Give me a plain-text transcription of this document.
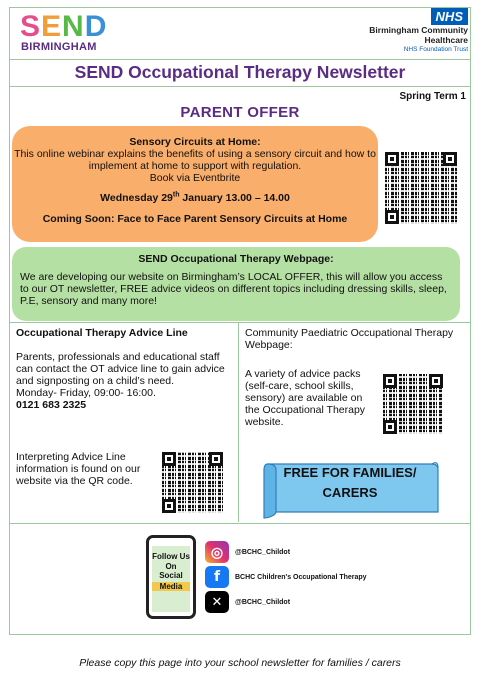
SEND
BIRMINGHAM
NHS
Birmingham Community
Healthcare
NHS Foundation Trust
SEND Occupational Therapy Newsletter
Spring Term 1
PARENT OFFER
Sensory Circuits at Home:
This online webinar explains the benefits of using a sensory circuit and how to implement at home to support with regulation.
Book via Eventbrite
Wednesday 29th January 13.00 – 14.00
Coming Soon: Face to Face Parent Sensory Circuits at Home
SEND Occupational Therapy Webpage:
We are developing our website on Birmingham’s LOCAL OFFER, this will allow you access to our OT newsletter, FREE advice videos on different topics including dressing skills, sleep, P.E, sensory and many more!
Occupational Therapy Advice Line
Parents, professionals and educational staff can contact the OT advice line to gain advice and signposting on a child’s need.
Monday- Friday, 09:00- 16:00.
0121 683 2325
Interpreting Advice Line information is found on our website via the QR code.
Community Paediatric Occupational Therapy Webpage:
A variety of advice packs (self-care, school skills, sensory) are available on the Occupational Therapy website.
FREE FOR FAMILIES/
CARERS
Follow Us
On
Social
Media
◎	@BCHC_Childot
f	BCHC Children's Occupational Therapy
✕	@BCHC_Childot
Please copy this page into your school newsletter for families / carers
